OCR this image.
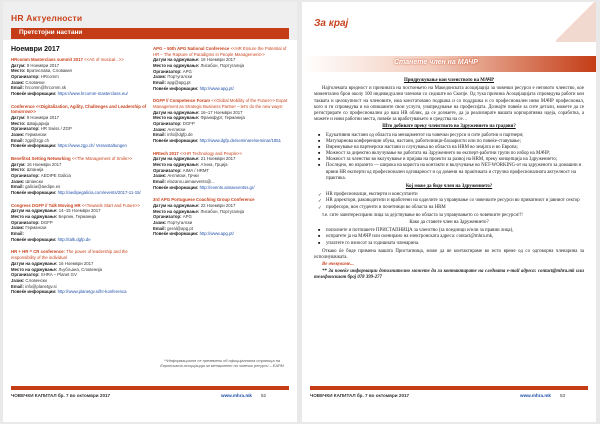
HR Актуелности
Претстојни настани
Ноември 2017
HRcomm Masterclass summit 2017 <<Art of musical...>>
Датум: 9 Ноември 2017
Место: Братислава, Словакия
Организатор: HRcomm
Јазик: Словачки
Email: hrcomm@hrcomm.sk
Повеќе информации: https://www.hrcomm-masterclass.eu/
Conference <<Digitalization, Agility, Challenges and Leadership of tomorrow>>
Датум: 9 Ноември 2017
Место: Швајцарија
Организатор: HR Swiss / ZGP
Јазик: Германски
Email: zgp@zgp.ch
Повеќе информации: https://www.zgp.ch/ Veranstaltungen
Benefits4 Setting Networking <<The Management of Smile>>
Датум: 16 Ноември 2017
Место: Шпанија
Организатор: AEDIPE Galicia
Јазик: Шпански
Email: galicia@aedipe.es
Повеќе информации: http://aedipegalicia.com/events/2017-11-15/
Congress DGFP // Talk Moving HR <<Towards Start and Future>>
Датум на одржување: 14–15 Ноември 2017
Место на одржување: Берлин, Германија
Организатор: DGFP
Јазик: Германски
Email:
Повеќе информации: http://talk.dgfp.de
HR + HR = CR conference: The power of leadership and the responsibility of the individual
Датум на одржување: 16 Ноември 2017
Место на одржување: Љубљана, Словенија
Организатор: SHRA – Planet GV
Јазик: Словенски
Email: info@planetgv.si
Повеќе информации: http://www.planetgv.si/hr-konferenca
APG – 50th APG National Conference <<HR Ensure the Potential of HR – The Rapture of Paradigms in People Management>>
Датум на одржување: 16 Ноември 2017
Место на одржување: Лисабон, Португалија
Организатор: APG
Јазик: Португалски
Email: apg@apg.pt
Повеќе информации: http://www.apg.pt/
DGFP // Competence Forum <<Global Mobility of the Future>> Expat Management as Strategic Business Partner – let's do the new ways!
Датум на одржување: 16–17 Ноември 2017
Место на одржување: Франкфурт, Германија
Организатор: DGFP
Јазик: Англиски
Email: info@dgfp.de
Повеќе информации: http://www.dgfp.de/seminare/seminar/1851
HRtech 2017 <<HR Technology and People>>
Датум на одржување: 21 Ноември 2017
Место на одржување: Атина, Грција
Организатор: AIMA / HRMT
Јазик: Англиски, Грчки
Email: elazarou.aimaevents@...
Повеќе информации: http://events.aimaeventss.gr/
3rd APG Portuguese Coaching Group Conference
Датум на одржување: 22 Ноември 2017
Место на одржување: Лисабон, Португалија
Организатор: APG
Јазик: Португалски
Email: geral@apg.pt
Повеќе информации: http://www.apg.pt/
**Информациите се преземени од официјалната страница на Европската асоцијација за менаџмент на човечки ресурси – EAPM
ЧОВЕЧКИ КАПИТАЛ бр. 7 во октомври 2017	www.mhra.mk 52
За крај
Станете член на МАЧР
Придружување кон членството на МАЧР

Најголемата вредност и причината на постоењето на Македонската асоцијација за човечки ресурси е неговото членство, кое моментално брои околу 100 индивидуални членови со седиште во Скопје. Од тука причина Асоцијацијата спроведува работи кон таквата и целокупност на членовите, има констатовано подршка и со поддршка и со професионален ниво МАЧР професионал, кого и ги спроведува и на опишаните свои услуги, унапредување на професијата. Дознајте повеќе за сите детали, можете да се регистрирате со професионални до ваш HR облик, да се дознаете, да ја реализирате вашата корпоративна идеја, соработка, а можете и нови работни места, повеќе за вработувањето и средства на се…

Што добивате преку членството во Здружението на градови?
■ Едукативни настани од областа на менаџментот на човечки ресурси и сите работни и партнери;
■ Матуларнова конференции обука, настани, работилници-базааристи или по повеќе-ставување;
■ Вмрежување на партнерски настани и случувања во областа на HRM во земјата и во Европа;
■ Можност за директно вклучување во работата на Здружението во експерт-работни групи по избор на МАЧР;
■ Можност за членство во вклучување и пријава на проекти за развој на HRM, преку концепција на Здружението;
■ Последно, но изразито — широкa на користа на контакти и вклучување во NET-WORKING-от на здруженото за домашни и врвни HR експерти од професионален одговарност и од домени на практиката и стручна професионалната актуелност на практика.
Кој може да биде член на Здружението?
✓ HR професионалци, експерти и консултанти
✓ HR директори, раководители и вработени на одделите за управување со човечките ресурси во приватниот и јавниот сектор
✓ професори, вон студенти и почетници во областа на HRM

т.е. сите заинтересирани лица за дејствување во областа за управувањето со човечките ресурси!!!

Како да станете член на Здружението?
■ пополнете и потпишете ПРИСТАПНИЦА за членство (за поединци и/или за правни лица),
■ испратете ја на МАЧР или скенирано на електронската адреса: contact@mhra.mk,
■ уплатете го износот за годишната членарина.

Откако ќе биде примена вашата Пристапница, може да ве контактираме во исто време од со одговорна членарина за исполнувачката.

Ве очекуваме...

** За повеќе информации дополнително можете да ги контактирате на следната e-mail адреса: contact@mhra.mk или телефонскиот број 078 399-277

ЧОВЕЧКИ КАПИТАЛ бр. 7 во октомври 2017	www.mhra.mk 53
